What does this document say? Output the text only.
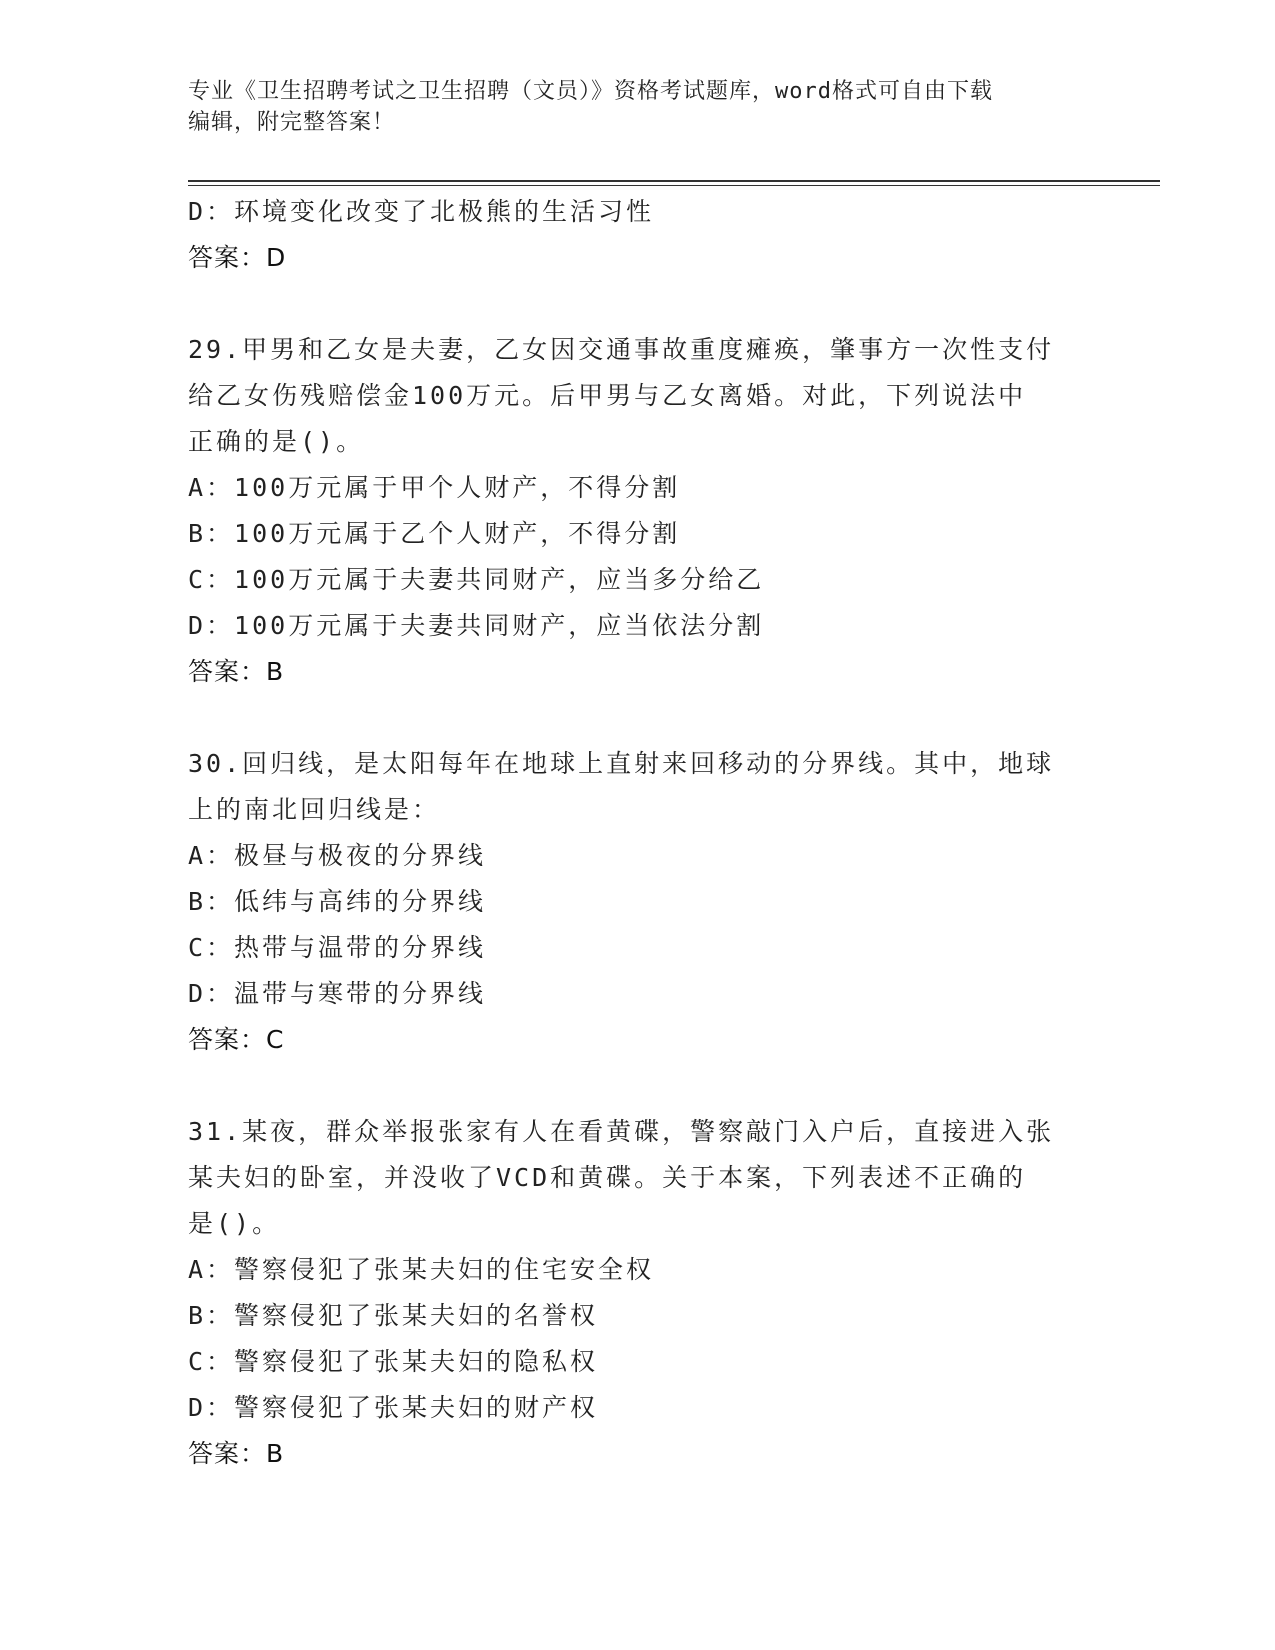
专业《卫生招聘考试之卫生招聘（文员）》资格考试题库，word格式可自由下载
编辑，附完整答案！
D：环境变化改变了北极熊的生活习性
答案：D
29.甲男和乙女是夫妻，乙女因交通事故重度瘫痪，肇事方一次性支付
给乙女伤残赔偿金100万元。后甲男与乙女离婚。对此，下列说法中
正确的是()。
A：100万元属于甲个人财产，不得分割
B：100万元属于乙个人财产，不得分割
C：100万元属于夫妻共同财产，应当多分给乙
D：100万元属于夫妻共同财产，应当依法分割
答案：B
30.回归线，是太阳每年在地球上直射来回移动的分界线。其中，地球
上的南北回归线是：
A：极昼与极夜的分界线
B：低纬与高纬的分界线
C：热带与温带的分界线
D：温带与寒带的分界线
答案：C
31.某夜，群众举报张家有人在看黄碟，警察敲门入户后，直接进入张
某夫妇的卧室，并没收了VCD和黄碟。关于本案，下列表述不正确的
是()。
A：警察侵犯了张某夫妇的住宅安全权
B：警察侵犯了张某夫妇的名誉权
C：警察侵犯了张某夫妇的隐私权
D：警察侵犯了张某夫妇的财产权
答案：B
